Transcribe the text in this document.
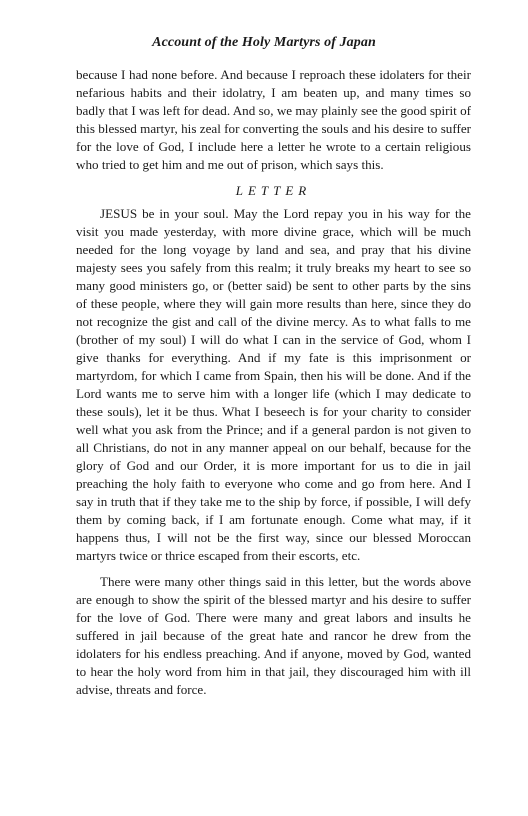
Account of the Holy Martyrs of Japan

because I had none before. And because I reproach these idolaters for their nefarious habits and their idolatry, I am beaten up, and many times so badly that I was left for dead. And so, we may plainly see the good spirit of this blessed martyr, his zeal for converting the souls and his desire to suffer for the love of God, I include here a letter he wrote to a certain religious who tried to get him and me out of prison, which says this.

LETTER

JESUS be in your soul. May the Lord repay you in his way for the visit you made yesterday, with more divine grace, which will be much needed for the long voyage by land and sea, and pray that his divine majesty sees you safely from this realm; it truly breaks my heart to see so many good ministers go, or (better said) be sent to other parts by the sins of these people, where they will gain more results than here, since they do not recognize the gist and call of the divine mercy. As to what falls to me (brother of my soul) I will do what I can in the service of God, whom I give thanks for everything. And if my fate is this imprisonment or martyrdom, for which I came from Spain, then his will be done. And if the Lord wants me to serve him with a longer life (which I may dedicate to these souls), let it be thus. What I beseech is for your charity to consider well what you ask from the Prince; and if a general pardon is not given to all Christians, do not in any manner appeal on our behalf, because for the glory of God and our Order, it is more important for us to die in jail preaching the holy faith to everyone who come and go from here. And I say in truth that if they take me to the ship by force, if possible, I will defy them by coming back, if I am fortunate enough. Come what may, if it happens thus, I will not be the first way, since our blessed Moroccan martyrs twice or thrice escaped from their escorts, etc.

There were many other things said in this letter, but the words above are enough to show the spirit of the blessed martyr and his desire to suffer for the love of God. There were many and great labors and insults he suffered in jail because of the great hate and rancor he drew from the idolaters for his endless preaching. And if anyone, moved by God, wanted to hear the holy word from him in that jail, they discouraged him with ill advise, threats and force.
